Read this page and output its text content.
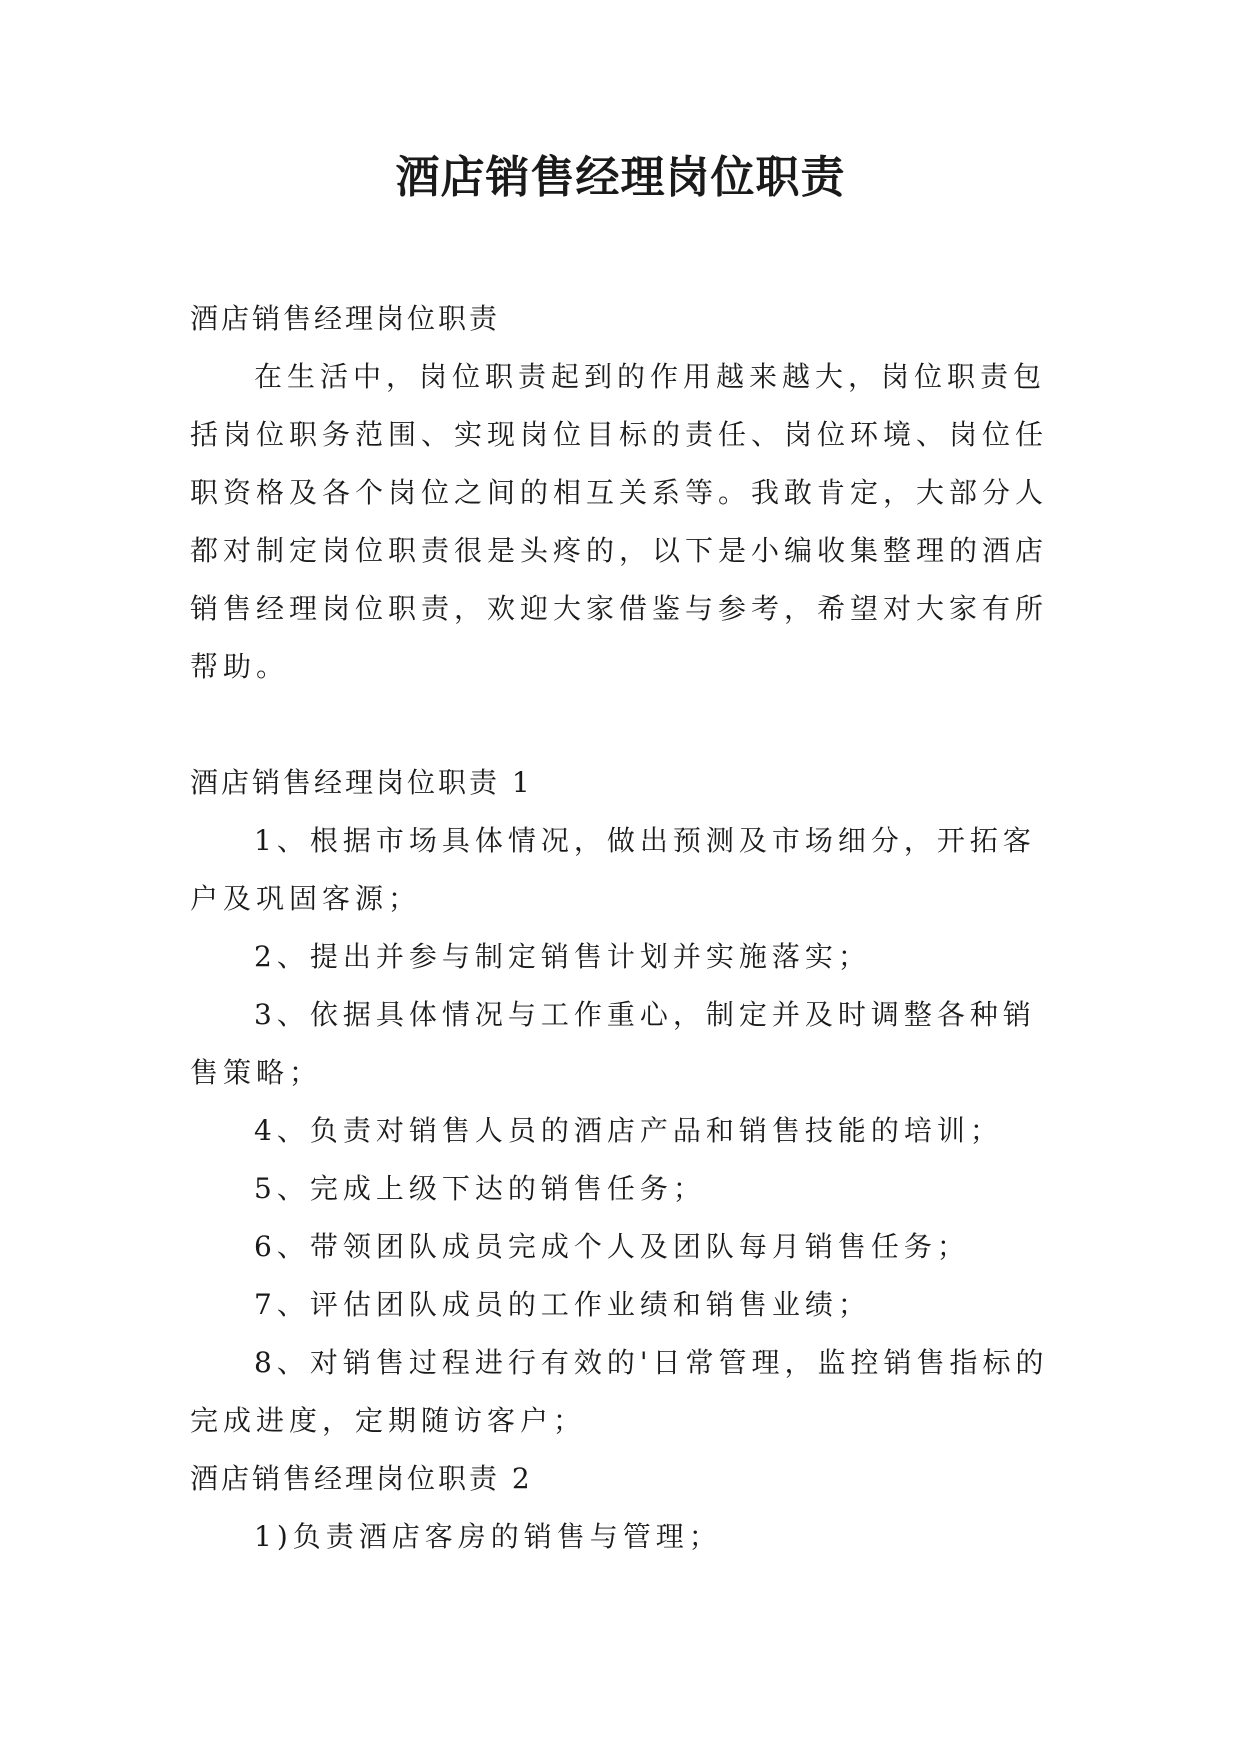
酒店销售经理岗位职责

酒店销售经理岗位职责

在生活中，岗位职责起到的作用越来越大，岗位职责包括岗位职务范围、实现岗位目标的责任、岗位环境、岗位任职资格及各个岗位之间的相互关系等。我敢肯定，大部分人都对制定岗位职责很是头疼的，以下是小编收集整理的酒店销售经理岗位职责，欢迎大家借鉴与参考，希望对大家有所帮助。

酒店销售经理岗位职责 1

1、根据市场具体情况，做出预测及市场细分，开拓客户及巩固客源；

2、提出并参与制定销售计划并实施落实；

3、依据具体情况与工作重心，制定并及时调整各种销售策略；

4、负责对销售人员的酒店产品和销售技能的培训；

5、完成上级下达的销售任务；

6、带领团队成员完成个人及团队每月销售任务；

7、评估团队成员的工作业绩和销售业绩；

8、对销售过程进行有效的'日常管理，监控销售指标的完成进度，定期随访客户；

酒店销售经理岗位职责 2

1)负责酒店客房的销售与管理；
